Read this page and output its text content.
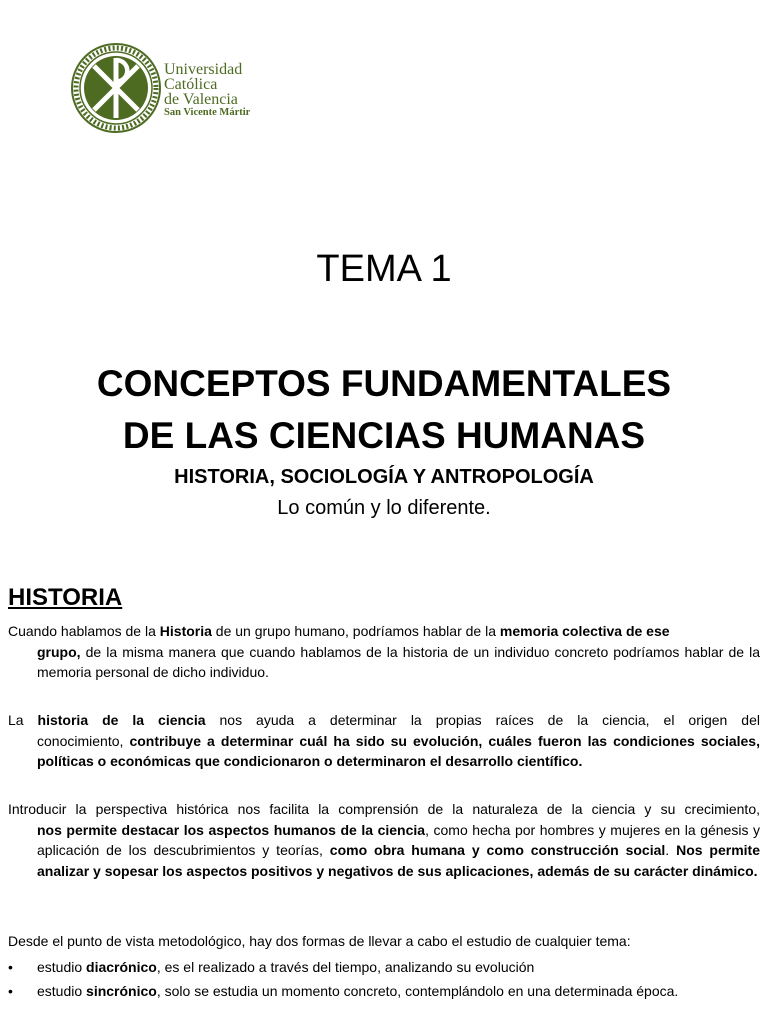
Universidad
Católica
de Valencia
San Vicente Mártir
TEMA 1
CONCEPTOS FUNDAMENTALES
DE LAS CIENCIAS HUMANAS
HISTORIA, SOCIOLOGÍA Y ANTROPOLOGÍA
Lo común y lo diferente.
HISTORIA
Cuando hablamos de la Historia de un grupo humano, podríamos hablar de la memoria colectiva de ese
grupo, de la misma manera que cuando hablamos de la historia de un individuo concreto podríamos hablar de la memoria personal de dicho individuo.
La historia de la ciencia nos ayuda a determinar la propias raíces de la ciencia, el origen del
conocimiento, contribuye a determinar cuál ha sido su evolución, cuáles fueron las condiciones sociales, políticas o económicas que condicionaron o determinaron el desarrollo científico.
Introducir la perspectiva histórica nos facilita la comprensión de la naturaleza de la ciencia y su crecimiento,
nos permite destacar los aspectos humanos de la ciencia, como hecha por hombres y mujeres en la génesis y aplicación de los descubrimientos y teorías, como obra humana y como construcción social. Nos permite analizar y sopesar los aspectos positivos y negativos de sus aplicaciones, además de su carácter dinámico.
Desde el punto de vista metodológico, hay dos formas de llevar a cabo el estudio de cualquier tema:
• estudio diacrónico, es el realizado a través del tiempo, analizando su evolución
• estudio sincrónico, solo se estudia un momento concreto, contemplándolo en una determinada época.
